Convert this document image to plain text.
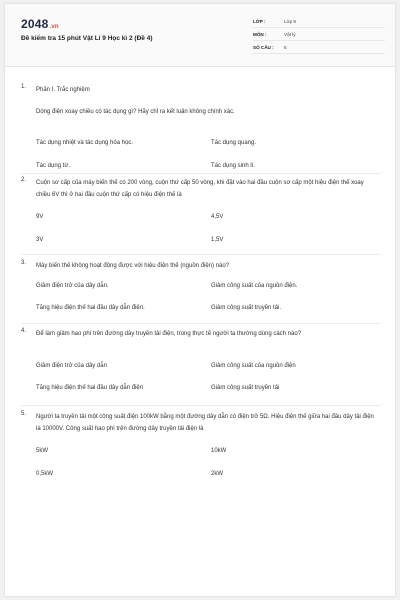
2048.vn
Đề kiểm tra 15 phút Vật Lí 9 Học kì 2 (Đề 4)
LỚP :	Lớp 9
MÔN :	Vật lý
SỐ CÂU :	5
1. Phần I. Trắc nghiệm
Dòng điện xoay chiều có tác dụng gì? Hãy chỉ ra kết luận không chính xác.
Tác dụng nhiệt và tác dụng hóa học.	Tác dụng quang.
Tác dụng từ.	Tác dụng sinh lí.
2. Cuộn sơ cấp của máy biến thế có 200 vòng, cuộn thứ cấp 50 vòng, khi đặt vào hai đầu cuộn sơ cấp một hiệu điện thế xoay chiều 6V thì ở hai đầu cuộn thứ cấp có hiệu điện thế là
9V	4,5V
3V	1,5V
3. Máy biến thế không hoạt động được với hiệu điện thế (nguồn điện) nào?
Giảm điện trở của dây dẫn.	Giảm công suất của nguồn điện.
Tăng hiệu điện thế hai đầu dây dẫn điện.	Giảm công suất truyền tải.
4. Để làm giảm hao phí trên đường dây truyền tải điện, trong thực tế người ta thường dùng cách nào?
Giảm điện trở của dây dẫn	Giảm công suất của nguồn điện
Tăng hiệu điện thế hai đầu dây dẫn điện	Giảm công suất truyền tải
5. Người ta truyền tải một công suất điện 100kW bằng một đường dây dẫn có điện trở 5Ω. Hiệu điện thế giữa hai đầu dây tải điện là 10000V. Công suất hao phí trên đường dây truyền tải điện là
5kW	10kW
0,5kW	2kW
